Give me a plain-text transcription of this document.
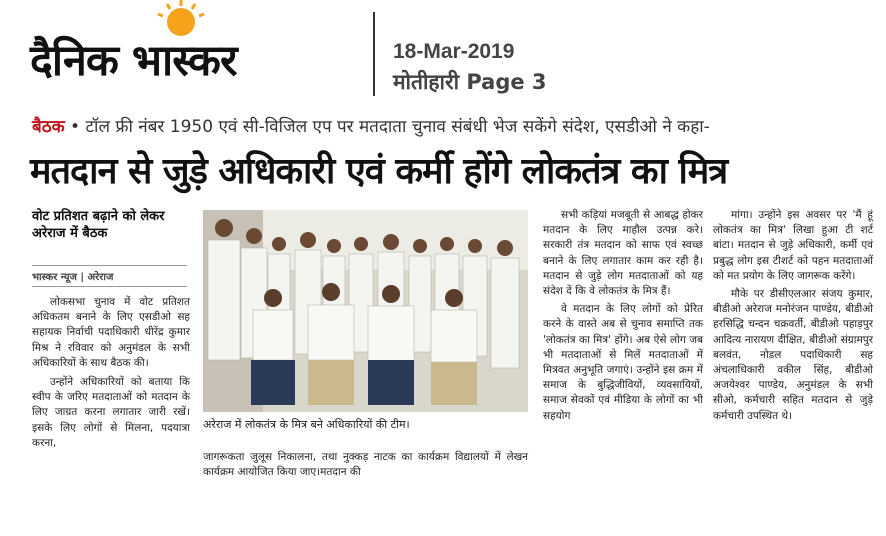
दैनिक भास्कर	18-Mar-2019
मोतीहारी Page 3
बैठक • टॉल फ्री नंबर 1950 एवं सी-विजिल एप पर मतदाता चुनाव संबंधी भेज सकेंगे संदेश, एसडीओ ने कहा-
मतदान से जुड़े अधिकारी एवं कर्मी होंगे लोकतंत्र का मित्र
वोट प्रतिशत बढ़ाने को लेकर अरेराज में बैठक
भास्कर न्यूज | अरेराज

लोकसभा चुनाव में वोट प्रतिशत अधिकतम बनाने के लिए एसडीओ सह सहायक निर्वाची पदाधिकारी धीरेंद्र कुमार मिश्र ने रविवार को अनुमंडल के सभी अधिकारियों के साथ बैठक की।

उन्होंने अधिकारियों को बताया कि स्वीप के जरिए मतदाताओं को मतदान के लिए जाग्रत करना लगातार जारी रखें। इसके लिए लोगों से मिलना, पदयात्रा करना,

अरेराज में लोकतंत्र के मित्र बने अधिकारियों की टीम।
जागरूकता जुलूस निकालना, तथा नुक्कड़ नाटक का कार्यक्रम विद्यालयों में लेखन कार्यक्रम आयोजित किया जाए।मतदान की

सभी कड़ियां मजबूती से आबद्ध होकर मतदान के लिए माहौल उत्पन्न करे। सरकारी तंत्र मतदान को साफ एवं स्वच्छ बनाने के लिए लगातार काम कर रही है।मतदान से जुड़े लोग मतदाताओं को यह संदेश दें कि वे लोकतंत्र के मित्र हैं।

वे मतदान के लिए लोगों को प्रेरित करने के वास्ते अब से चुनाव समाप्ति तक 'लोकतंत्र का मित्र' होंगे। अब ऐसे लोग जब भी मतदाताओं से मिलें मतदाताओं में मित्रवत अनुभूति जगाएं। उन्होंने इस क्रम में समाज के बुद्धिजीवियों, व्यवसायियों, समाज सेवकों एवं मीडिया के लोगों का भी सहयोग

मांगा। उन्होंने इस अवसर पर 'मैं हूं लोकतंत्र का मित्र' लिखा हुआ टी शर्ट बांटा। मतदान से जुड़े अधिकारी, कर्मी एवं प्रबुद्ध लोग इस टीशर्ट को पहन मतदाताओं को मत प्रयोग के लिए जागरूक करेंगे।

मौके पर डीसीएलआर संजय कुमार, बीडीओ अरेराज मनोरंजन पाण्डेय, बीडीओ हरसिद्धि चन्दन चक्रवर्ती, बीडीओ पहाड़पुर आदित्य नारायण दीक्षित, बीडीओ संग्रामपुर बलवंत, नोडल पदाधिकारी सह अंचलाधिकारी वकील सिंह, बीडीओ अजयेश्वर पाण्डेय, अनुमंडल के सभी सीओ, कर्मचारी सहित मतदान से जुड़े कर्मचारी उपस्थित थे।
